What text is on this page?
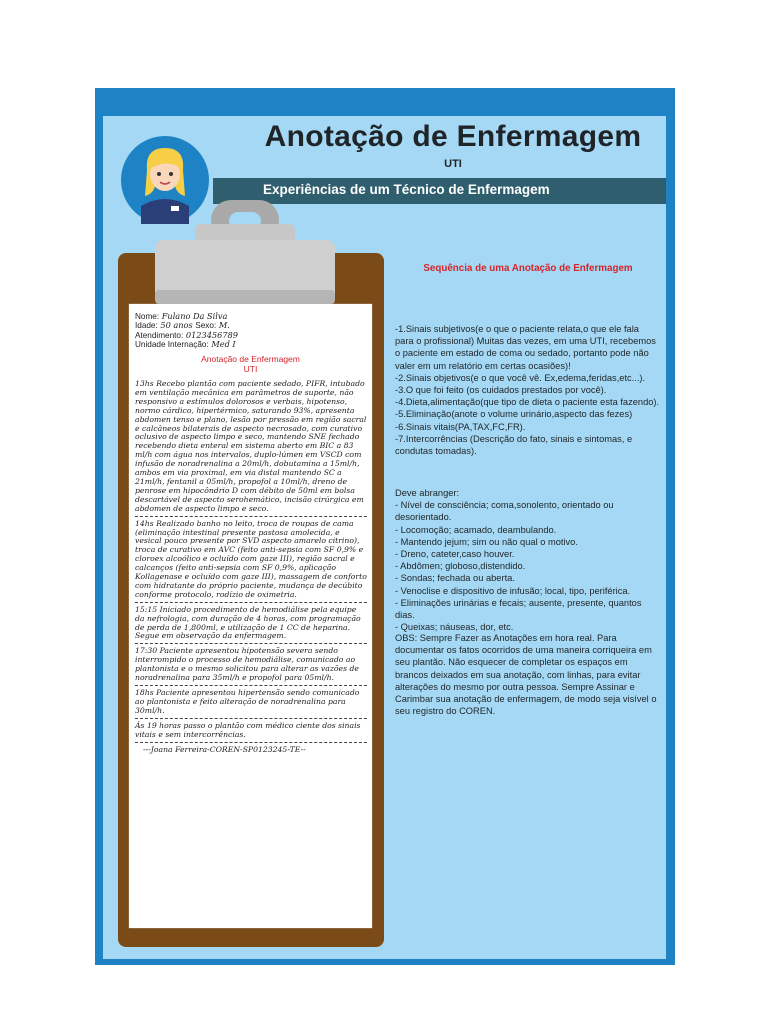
Anotação de Enfermagem
UTI
Experiências de um Técnico de Enfermagem
Nome: Fulano Da Silva
Idade: 50 anos Sexo: M.
Atendimento: 0123456789
Unidade Internação: Med I
Anotação de Enfermagem
UTI
13hs Recebo plantão com paciente sedado, PIFR, intubado em ventilação mecânica em parâmetros de suporte, não responsivo a estímulos dolorosos e verbais, hipotenso, normo cárdico, hipertérmico, saturando 93%, apresenta abdomen tenso e plano, lesão por pressão em região sacral e calcâneos bilaterais de aspecto necrosado, com curativo oclusivo de aspecto limpo e seco, mantendo SNE fechado recebendo dieta enteral em sistema aberto em BIC a 83 ml/h com água nos intervalos, duplo-lúmen em VSCD com infusão de noradrenalina a 20ml/h, dobutamina a 15ml/h, ambos em via proximal, em via distal mantendo SC a 21ml/h, fentanil a 05ml/h, propofol a 10ml/h, dreno de penrose em hipocôndrio D com débito de 50ml em bolsa descartável de aspecto serohemático, incisão cirúrgica em abdomen de aspecto limpo e seco.
14hs Realizado banho no leito, troca de roupas de cama (eliminação intestinal presente pastosa amolecida, e vesical pouco presente por SVD aspecto amarelo citrino), troca de curativo em AVC (feito anti-sepsia com SF 0,9% e cloroex alcoólico e ocluído com gaze III), região sacral e calcanços (feito anti-sepsia com SF 0,9%, aplicação Kollagenase e ocluído com gaze III), massagem de conforto com hidratante do próprio paciente, mudança de decúbito conforme protocolo, rodízio de oximetria.
15:15 Iniciado procedimento de hemodiálise pela equipe da nefrologia, com duração de 4 horas, com programação de perda de 1,800ml, e utilização de 1 CC de heparina. Segue em observação da enfermagem.
17:30 Paciente apresentou hipotensão severa sendo interrompido o processo de hemodiálise, comunicado ao plantonista e o mesmo solicitou para alterar as vazões de noradrenalina para 35ml/h e propofol para 05ml/h.
18hs Paciente apresentou hipertensão sendo comunicado ao plantonista e feito alteração de noradrenalina para 30ml/h.
Ás 19 horas passo o plantão com médico ciente dos sinais vitais e sem intercorrências.
---Joana Ferreira-COREN-SP0123245-TE--
Sequência de uma Anotação de Enfermagem
-1.Sinais subjetivos(e o que o paciente relata,o que ele fala para o profissional) Muitas das vezes, em uma UTI, recebemos o paciente em estado de coma ou sedado, portanto pode não valer em um relatório em certas ocasiões)!
-2.Sinais objetivos(e o que você vê. Ex,edema,feridas,etc...).
-3.O que foi feito (os cuidados prestados por você).
-4.Dieta,alimentação(que tipo de dieta o paciente esta fazendo).
-5.Eliminação(anote o volume urinário,aspecto das fezes)
-6.Sinais vitais(PA,TAX,FC,FR).
-7.Intercorrências (Descrição do fato, sinais e sintomas, e condutas tomadas).
Deve abranger:
- Nível de consciência; coma,sonolento, orientado ou desorientado.
- Locomoção; acamado, deambulando.
- Mantendo jejum; sim ou não qual o motivo.
- Dreno, cateter,caso houver.
- Abdômen; globoso,distendido.
- Sondas; fechada ou aberta.
- Venoclise e dispositivo de infusão; local, tipo, periférica.
- Eliminações urinárias e fecais; ausente, presente, quantos dias.
- Queixas; náuseas, dor, etc.
OBS: Sempre Fazer as Anotações em hora real. Para documentar os fatos ocorridos de uma maneira corriqueira em seu plantão. Não esquecer de completar os espaços em brancos deixados em sua anotação, com linhas, para evitar alterações do mesmo por outra pessoa. Sempre Assinar e Carimbar sua anotação de enfermagem, de modo seja visível o seu registro do COREN.
